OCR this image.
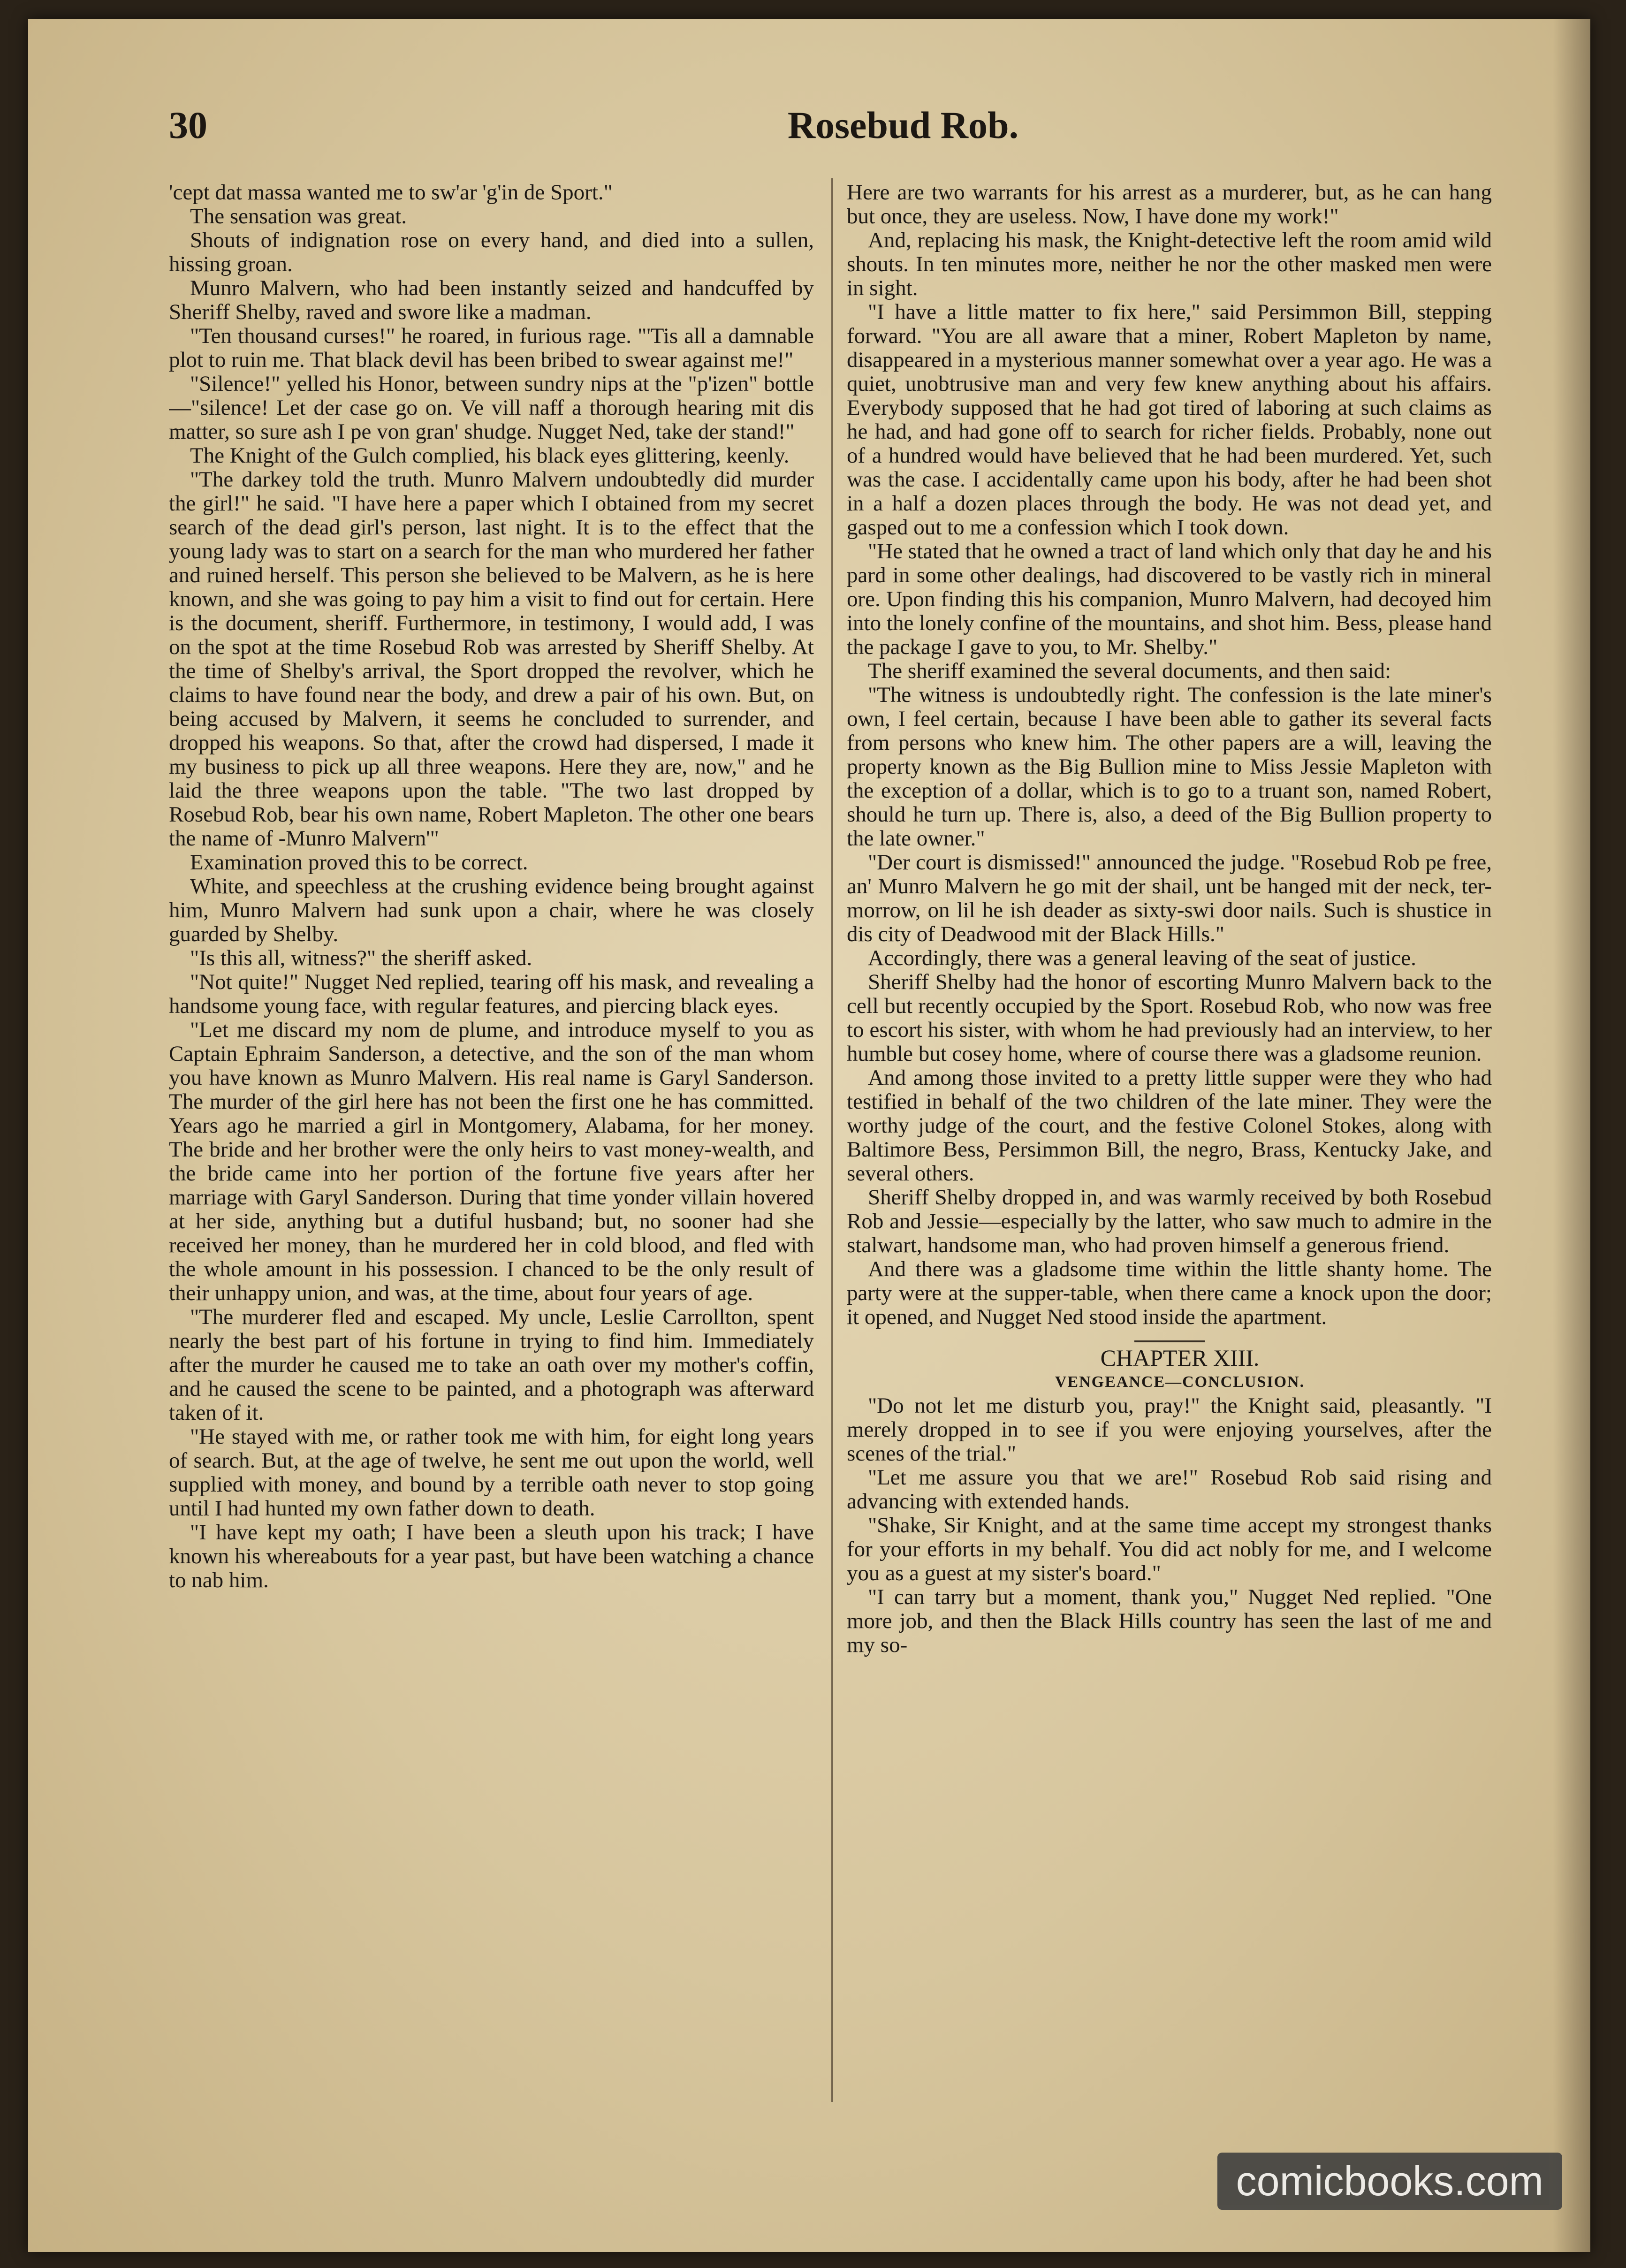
30	Rosebud Rob.

'cept dat massa wanted me to sw'ar 'g'in de Sport."

The sensation was great.

Shouts of indignation rose on every hand, and died into a sullen, hissing groan.

Munro Malvern, who had been instantly seized and handcuffed by Sheriff Shelby, raved and swore like a madman.

"Ten thousand curses!" he roared, in furious rage. "'Tis all a damnable plot to ruin me. That black devil has been bribed to swear against me!"

"Silence!" yelled his Honor, between sundry nips at the "p'izen" bottle—"silence! Let der case go on. Ve vill naff a thorough hearing mit dis matter, so sure ash I pe von gran' shudge. Nugget Ned, take der stand!"

The Knight of the Gulch complied, his black eyes glittering, keenly.

"The darkey told the truth. Munro Malvern undoubtedly did murder the girl!" he said. "I have here a paper which I obtained from my secret search of the dead girl's person, last night. It is to the effect that the young lady was to start on a search for the man who murdered her father and ruined herself. This person she believed to be Malvern, as he is here known, and she was going to pay him a visit to find out for certain. Here is the document, sheriff. Furthermore, in testimony, I would add, I was on the spot at the time Rosebud Rob was arrested by Sheriff Shelby. At the time of Shelby's arrival, the Sport dropped the revolver, which he claims to have found near the body, and drew a pair of his own. But, on being accused by Malvern, it seems he concluded to surrender, and dropped his weapons. So that, after the crowd had dispersed, I made it my business to pick up all three weapons. Here they are, now," and he laid the three weapons upon the table. "The two last dropped by Rosebud Rob, bear his own name, Robert Mapleton. The other one bears the name of -Munro Malvern'"

Examination proved this to be correct.

White, and speechless at the crushing evidence being brought against him, Munro Malvern had sunk upon a chair, where he was closely guarded by Shelby.

"Is this all, witness?" the sheriff asked.

"Not quite!" Nugget Ned replied, tearing off his mask, and revealing a handsome young face, with regular features, and piercing black eyes.

"Let me discard my nom de plume, and introduce myself to you as Captain Ephraim Sanderson, a detective, and the son of the man whom you have known as Munro Malvern. His real name is Garyl Sanderson. The murder of the girl here has not been the first one he has committed. Years ago he married a girl in Montgomery, Alabama, for her money. The bride and her brother were the only heirs to vast money-wealth, and the bride came into her portion of the fortune five years after her marriage with Garyl Sanderson. During that time yonder villain hovered at her side, anything but a dutiful husband; but, no sooner had she received her money, than he murdered her in cold blood, and fled with the whole amount in his possession. I chanced to be the only result of their unhappy union, and was, at the time, about four years of age.

"The murderer fled and escaped. My uncle, Leslie Carrollton, spent nearly the best part of his fortune in trying to find him. Immediately after the murder he caused me to take an oath over my mother's coffin, and he caused the scene to be painted, and a photograph was afterward taken of it.

"He stayed with me, or rather took me with him, for eight long years of search. But, at the age of twelve, he sent me out upon the world, well supplied with money, and bound by a terrible oath never to stop going until I had hunted my own father down to death.

"I have kept my oath; I have been a sleuth upon his track; I have known his whereabouts for a year past, but have been watching a chance to nab him.

Here are two warrants for his arrest as a murderer, but, as he can hang but once, they are useless. Now, I have done my work!"

And, replacing his mask, the Knight-detective left the room amid wild shouts. In ten minutes more, neither he nor the other masked men were in sight.

"I have a little matter to fix here," said Persimmon Bill, stepping forward. "You are all aware that a miner, Robert Mapleton by name, disappeared in a mysterious manner somewhat over a year ago. He was a quiet, unobtrusive man and very few knew anything about his affairs. Everybody supposed that he had got tired of laboring at such claims as he had, and had gone off to search for richer fields. Probably, none out of a hundred would have believed that he had been murdered. Yet, such was the case. I accidentally came upon his body, after he had been shot in a half a dozen places through the body. He was not dead yet, and gasped out to me a confession which I took down.

"He stated that he owned a tract of land which only that day he and his pard in some other dealings, had discovered to be vastly rich in mineral ore. Upon finding this his companion, Munro Malvern, had decoyed him into the lonely confine of the mountains, and shot him. Bess, please hand the package I gave to you, to Mr. Shelby."

The sheriff examined the several documents, and then said:

"The witness is undoubtedly right. The confession is the late miner's own, I feel certain, because I have been able to gather its several facts from persons who knew him. The other papers are a will, leaving the property known as the Big Bullion mine to Miss Jessie Mapleton with the exception of a dollar, which is to go to a truant son, named Robert, should he turn up. There is, also, a deed of the Big Bullion property to the late owner."

"Der court is dismissed!" announced the judge. "Rosebud Rob pe free, an' Munro Malvern he go mit der shail, unt be hanged mit der neck, ter-morrow, on lil he ish deader as sixty-swi door nails. Such is shustice in dis city of Deadwood mit der Black Hills."

Accordingly, there was a general leaving of the seat of justice.

Sheriff Shelby had the honor of escorting Munro Malvern back to the cell but recently occupied by the Sport. Rosebud Rob, who now was free to escort his sister, with whom he had previously had an interview, to her humble but cosey home, where of course there was a gladsome reunion.

And among those invited to a pretty little supper were they who had testified in behalf of the two children of the late miner. They were the worthy judge of the court, and the festive Colonel Stokes, along with Baltimore Bess, Persimmon Bill, the negro, Brass, Kentucky Jake, and several others.

Sheriff Shelby dropped in, and was warmly received by both Rosebud Rob and Jessie—especially by the latter, who saw much to admire in the stalwart, handsome man, who had proven himself a generous friend.

And there was a gladsome time within the little shanty home. The party were at the supper-table, when there came a knock upon the door; it opened, and Nugget Ned stood inside the apartment.

CHAPTER XIII.

VENGEANCE—CONCLUSION.

"Do not let me disturb you, pray!" the Knight said, pleasantly. "I merely dropped in to see if you were enjoying yourselves, after the scenes of the trial."

"Let me assure you that we are!" Rosebud Rob said rising and advancing with extended hands.

"Shake, Sir Knight, and at the same time accept my strongest thanks for your efforts in my behalf. You did act nobly for me, and I welcome you as a guest at my sister's board."

"I can tarry but a moment, thank you," Nugget Ned replied. "One more job, and then the Black Hills country has seen the last of me and my so-

comicbooks.com
